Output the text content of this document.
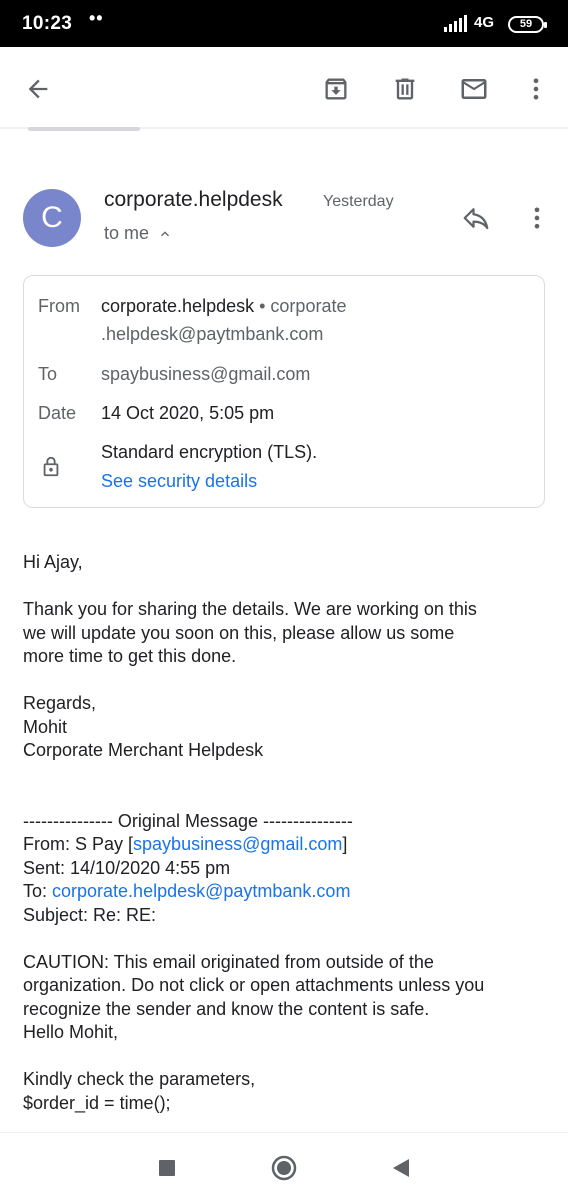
10:23 ••	4G	59
C
corporate.helpdesk	Yesterday
to me
From corporate.helpdesk • corporate
.helpdesk@paytmbank.com
To spaybusiness@gmail.com
Date 14 Oct 2020, 5:05 pm
Standard encryption (TLS).
See security details

Hi Ajay,

Thank you for sharing the details. We are working on this

we will update you soon on this, please allow us some

more time to get this done.

Regards,

Mohit

Corporate Merchant Helpdesk

--------------- Original Message ---------------

From: S Pay [spaybusiness@gmail.com]

Sent: 14/10/2020 4:55 pm

To: corporate.helpdesk@paytmbank.com

Subject: Re: RE:

CAUTION: This email originated from outside of the

organization. Do not click or open attachments unless you

recognize the sender and know the content is safe.

Hello Mohit,

Kindly check the parameters,

$order_id = time();
